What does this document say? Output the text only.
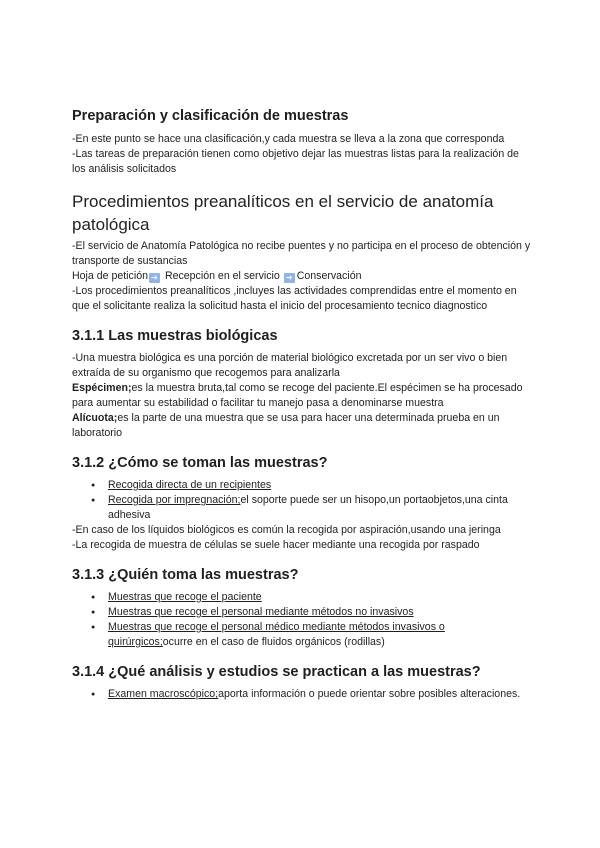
Preparación y clasificación de muestras

-En este punto se hace una clasificación,y cada muestra se lleva a la zona que corresponda

-Las tareas de preparación tienen como objetivo dejar las muestras listas para la realización de los análisis solicitados

Procedimientos preanalíticos en el servicio de anatomía patológica

-El servicio de Anatomía Patológica no recibe puentes y no participa en el proceso de obtención y transporte de sustancias

Hoja de petición ➔ Recepción en el servicio ➔ Conservación

-Los procedimientos preanalíticos ,incluyes las actividades comprendidas entre el momento en que el solicitante realiza la solicitud hasta el inicio del procesamiento tecnico diagnostico

3.1.1 Las muestras biológicas

-Una muestra biológica es una porción de material biológico excretada por un ser vivo o bien extraída de su organismo que recogemos para analizarla

Espécimen;es la muestra bruta,tal como se recoge del paciente.El espécimen se ha procesado para aumentar su estabilidad o facilitar tu manejo pasa a denominarse muestra

Alícuota;es la parte de una muestra que se usa para hacer una determinada prueba en un laboratorio

3.1.2 ¿Cómo se toman las muestras?
● Recogida directa de un recipientes
● Recogida por impregnación;el soporte puede ser un hisopo,un portaobjetos,una cinta adhesiva

-En caso de los líquidos biológicos es común la recogida por aspiración,usando una jeringa

-La recogida de muestra de células se suele hacer mediante una recogida por raspado

3.1.3 ¿Quién toma las muestras?
● Muestras que recoge el paciente
● Muestras que recoge el personal mediante métodos no invasivos
● Muestras que recoge el personal médico mediante métodos invasivos o quirúrgicos;ocurre en el caso de fluidos orgánicos (rodillas)
3.1.4 ¿Qué análisis y estudios se practican a las muestras?
● Examen macroscópico;aporta información o puede orientar sobre posibles alteraciones.
